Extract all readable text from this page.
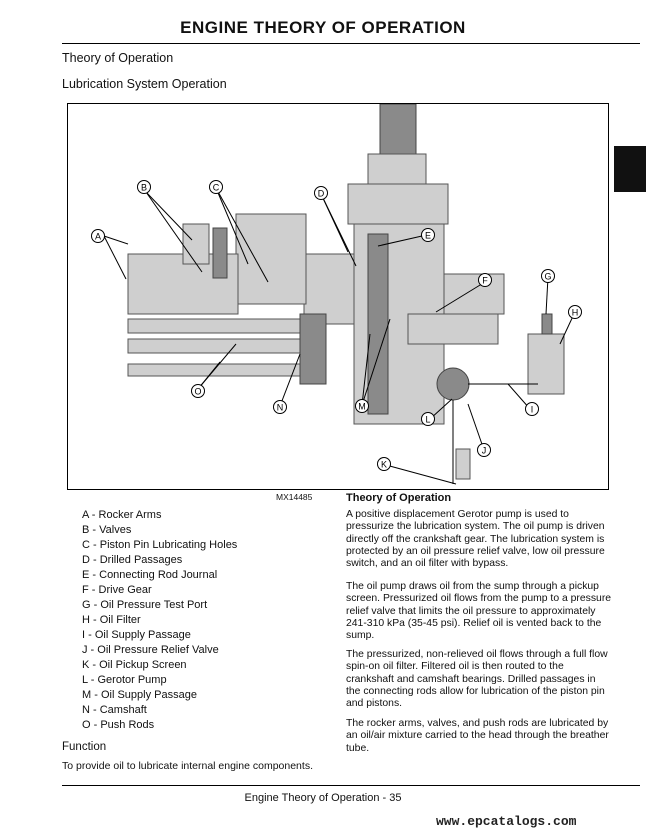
ENGINE THEORY OF OPERATION
Theory of Operation
Lubrication System Operation
A
B	C
D
E
F	G
H
I
J
K
L
M
N
O
MX14485
A - Rocker Arms
B - Valves
C - Piston Pin Lubricating Holes
D - Drilled Passages
E - Connecting Rod Journal
F - Drive Gear
G - Oil Pressure Test Port
H - Oil Filter
I - Oil Supply Passage
J - Oil Pressure Relief Valve
K - Oil Pickup Screen
L - Gerotor Pump
M - Oil Supply Passage
N - Camshaft
O - Push Rods
Function
To provide oil to lubricate internal engine components.
Theory of Operation
A positive displacement Gerotor pump is used to pressurize the lubrication system. The oil pump is driven directly off the crankshaft gear. The lubrication system is protected by an oil pressure relief valve, low oil pressure switch, and an oil filter with bypass.
The oil pump draws oil from the sump through a pickup screen. Pressurized oil flows from the pump to a pressure relief valve that limits the oil pressure to approximately 241-310 kPa (35-45 psi). Relief oil is vented back to the sump.
The pressurized, non-relieved oil flows through a full flow spin-on oil filter. Filtered oil is then routed to the crankshaft and camshaft bearings. Drilled passages in the connecting rods allow for lubrication of the piston pin and pistons.
The rocker arms, valves, and push rods are lubricated by an oil/air mixture carried to the head through the breather tube.
Engine Theory of Operation - 35
www.epcatalogs.com
